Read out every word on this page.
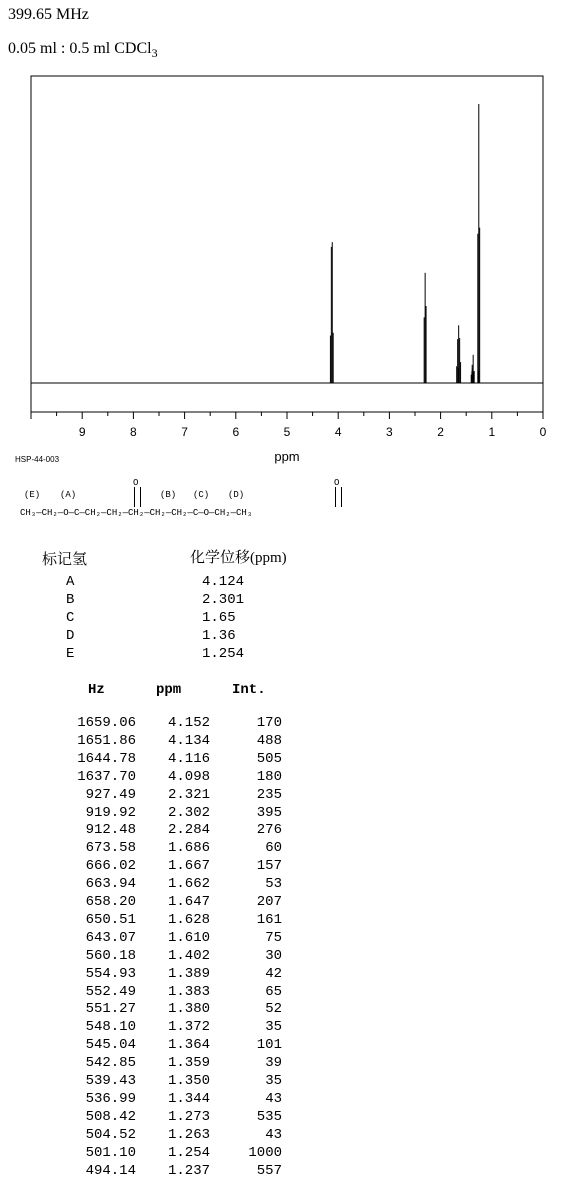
399.65 MHz
0.05 ml : 0.5 ml CDCl$_3$
9	8	7	6	5	4	3	2	1	0
ppm
HSP-44-003

O

	O

(E)

(A)

	(B)

(C)

(D)

CH₃—CH₂—O—C—CH₂—CH₂—CH₂—CH₂—CH₂—C—O—CH₂—CH₃

标记氢	化学位移(ppm)
A	4.124
B	2.301
C	1.65
D	1.36
E	1.254
Hz	ppm	Int.
1659.06	4.152	170
1651.86	4.134	488
1644.78	4.116	505
1637.70	4.098	180
927.49	2.321	235
919.92	2.302	395
912.48	2.284	276
673.58	1.686	60
666.02	1.667	157
663.94	1.662	53
658.20	1.647	207
650.51	1.628	161
643.07	1.610	75
560.18	1.402	30
554.93	1.389	42
552.49	1.383	65
551.27	1.380	52
548.10	1.372	35
545.04	1.364	101
542.85	1.359	39
539.43	1.350	35
536.99	1.344	43
508.42	1.273	535
504.52	1.263	43
501.10	1.254	1000
494.14	1.237	557
